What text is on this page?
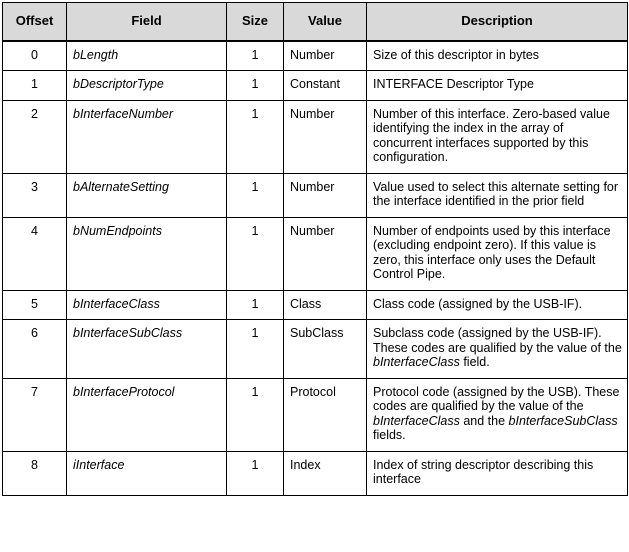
Offset	Field	Size	Value	Description
0	bLength	1	Number	Size of this descriptor in bytes
1	bDescriptorType	1	Constant	INTERFACE Descriptor Type
2	bInterfaceNumber	1	Number	Number of this interface. Zero-based value identifying the index in the array of concurrent interfaces supported by this configuration.
3	bAlternateSetting	1	Number	Value used to select this alternate setting for the interface identified in the prior field
4	bNumEndpoints	1	Number	Number of endpoints used by this interface (excluding endpoint zero). If this value is zero, this interface only uses the Default Control Pipe.
5	bInterfaceClass	1	Class	Class code (assigned by the USB-IF).
6	bInterfaceSubClass	1	SubClass	Subclass code (assigned by the USB-IF). These codes are qualified by the value of the bInterfaceClass field.
7	bInterfaceProtocol	1	Protocol	Protocol code (assigned by the USB). These codes are qualified by the value of the bInterfaceClass and the bInterfaceSubClass fields.
8	iInterface	1	Index	Index of string descriptor describing this interface
